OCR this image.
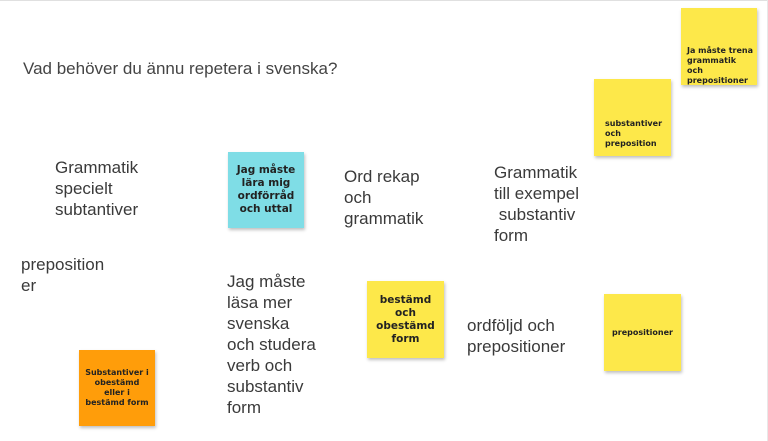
Vad behöver du ännu repetera i svenska?
Grammatik
specielt
subtantiver
preposition
er
Ord rekap
och
grammatik
Grammatik
till exempel
substantiv
form
Jag måste
läsa mer
svenska
och studera
verb och
substantiv
form
ordföljd och
prepositioner

Ja måste trena
grammatik
och
prepositioner

substantiver
och
preposition

Jag måste
lära mig
ordförråd
och uttal
bestämd
och
obestämd
form
prepositioner
Substantiver i
obestämd
eller i
bestämd form
